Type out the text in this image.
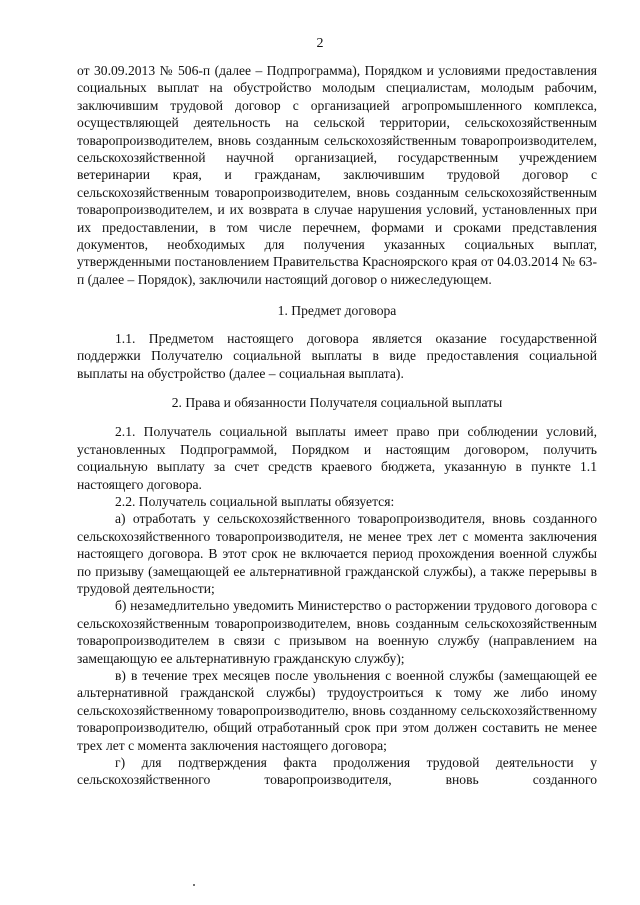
2

от 30.09.2013 № 506-п (далее – Подпрограмма), Порядком и условиями предоставления социальных выплат на обустройство молодым специалистам, молодым рабочим, заключившим трудовой договор с организацией агропромышленного комплекса, осуществляющей деятельность на сельской территории, сельскохозяйственным товаропроизводителем, вновь созданным сельскохозяйственным товаропроизводителем, сельскохозяйственной научной организацией, государственным учреждением ветеринарии края, и гражданам, заключившим трудовой договор с сельскохозяйственным товаропроизводителем, вновь созданным сельскохозяйственным товаропроизводителем, и их возврата в случае нарушения условий, установленных при их предоставлении, в том числе перечнем, формами и сроками представления документов, необходимых для получения указанных социальных выплат, утвержденными постановлением Правительства Красноярского края от 04.03.2014 № 63-п (далее – Порядок), заключили настоящий договор о нижеследующем.

1. Предмет договора

1.1. Предметом настоящего договора является оказание государственной поддержки Получателю социальной выплаты в виде предоставления социальной выплаты на обустройство (далее – социальная выплата).

2. Права и обязанности Получателя социальной выплаты

2.1. Получатель социальной выплаты имеет право при соблюдении условий, установленных Подпрограммой, Порядком и настоящим договором, получить социальную выплату за счет средств краевого бюджета, указанную в пункте 1.1 настоящего договора.

2.2. Получатель социальной выплаты обязуется:

а) отработать у сельскохозяйственного товаропроизводителя, вновь созданного сельскохозяйственного товаропроизводителя, не менее трех лет с момента заключения настоящего договора. В этот срок не включается период прохождения военной службы по призыву (замещающей ее альтернативной гражданской службы), а также перерывы в трудовой деятельности;

б) незамедлительно уведомить Министерство о расторжении трудового договора с сельскохозяйственным товаропроизводителем, вновь созданным сельскохозяйственным товаропроизводителем в связи с призывом на военную службу (направлением на замещающую ее альтернативную гражданскую службу);

в) в течение трех месяцев после увольнения с военной службы (замещающей ее альтернативной гражданской службы) трудоустроиться к тому же либо иному сельскохозяйственному товаропроизводителю, вновь созданному сельскохозяйственному товаропроизводителю, общий отработанный срок при этом должен составить не менее трех лет с момента заключения настоящего договора;

г) для подтверждения факта продолжения трудовой деятельности у сельскохозяйственного товаропроизводителя, вновь созданного
